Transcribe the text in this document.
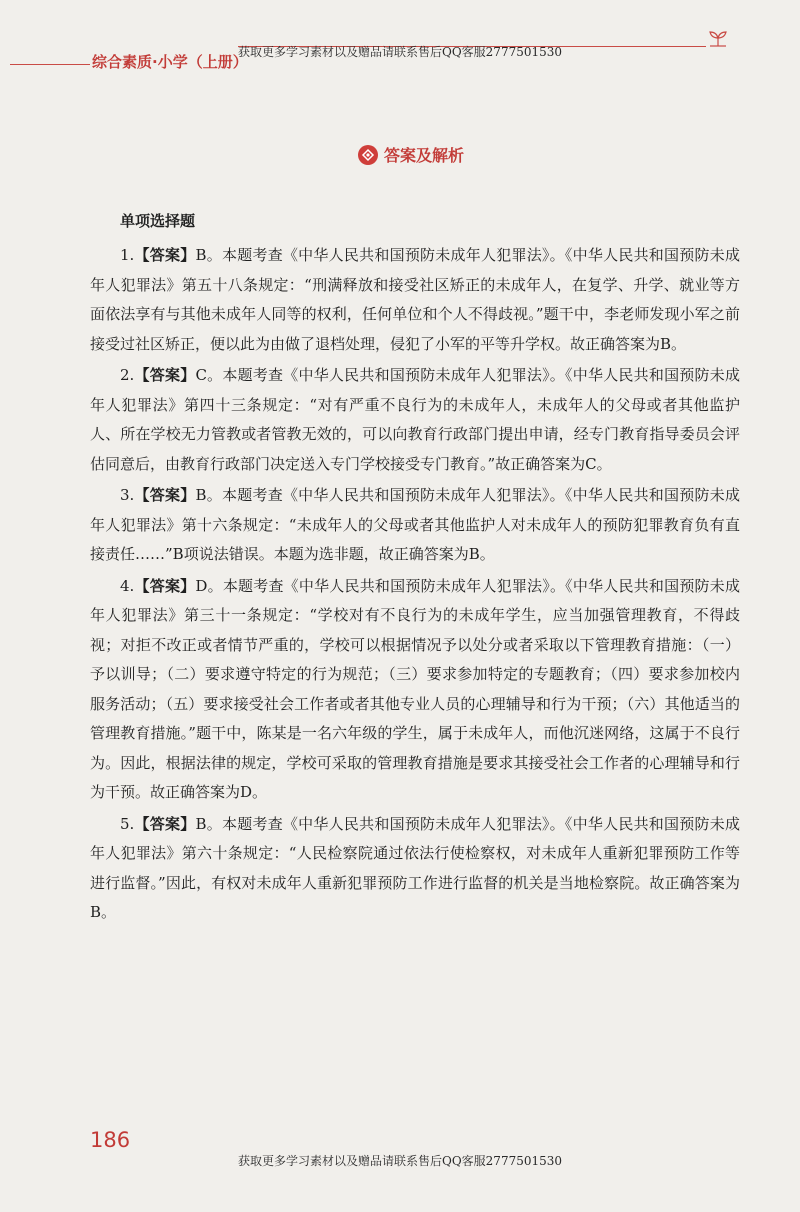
综合素质·小学（上册）
获取更多学习素材以及赠品请联系售后QQ客服2777501530
答案及解析
单项选择题

1.【答案】B。本题考查《中华人民共和国预防未成年人犯罪法》。《中华人民共和国预防未成年人犯罪法》第五十八条规定：“刑满释放和接受社区矫正的未成年人，在复学、升学、就业等方面依法享有与其他未成年人同等的权利，任何单位和个人不得歧视。”题干中，李老师发现小军之前接受过社区矫正，便以此为由做了退档处理，侵犯了小军的平等升学权。故正确答案为B。

2.【答案】C。本题考查《中华人民共和国预防未成年人犯罪法》。《中华人民共和国预防未成年人犯罪法》第四十三条规定：“对有严重不良行为的未成年人，未成年人的父母或者其他监护人、所在学校无力管教或者管教无效的，可以向教育行政部门提出申请，经专门教育指导委员会评估同意后，由教育行政部门决定送入专门学校接受专门教育。”故正确答案为C。

3.【答案】B。本题考查《中华人民共和国预防未成年人犯罪法》。《中华人民共和国预防未成年人犯罪法》第十六条规定：“未成年人的父母或者其他监护人对未成年人的预防犯罪教育负有直接责任……”B项说法错误。本题为选非题，故正确答案为B。

4.【答案】D。本题考查《中华人民共和国预防未成年人犯罪法》。《中华人民共和国预防未成年人犯罪法》第三十一条规定：“学校对有不良行为的未成年学生，应当加强管理教育，不得歧视；对拒不改正或者情节严重的，学校可以根据情况予以处分或者采取以下管理教育措施：（一）予以训导；（二）要求遵守特定的行为规范；（三）要求参加特定的专题教育；（四）要求参加校内服务活动；（五）要求接受社会工作者或者其他专业人员的心理辅导和行为干预；（六）其他适当的管理教育措施。”题干中，陈某是一名六年级的学生，属于未成年人，而他沉迷网络，这属于不良行为。因此，根据法律的规定，学校可采取的管理教育措施是要求其接受社会工作者的心理辅导和行为干预。故正确答案为D。

5.【答案】B。本题考查《中华人民共和国预防未成年人犯罪法》。《中华人民共和国预防未成年人犯罪法》第六十条规定：“人民检察院通过依法行使检察权，对未成年人重新犯罪预防工作等进行监督。”因此，有权对未成年人重新犯罪预防工作进行监督的机关是当地检察院。故正确答案为B。

186
获取更多学习素材以及赠品请联系售后QQ客服2777501530
